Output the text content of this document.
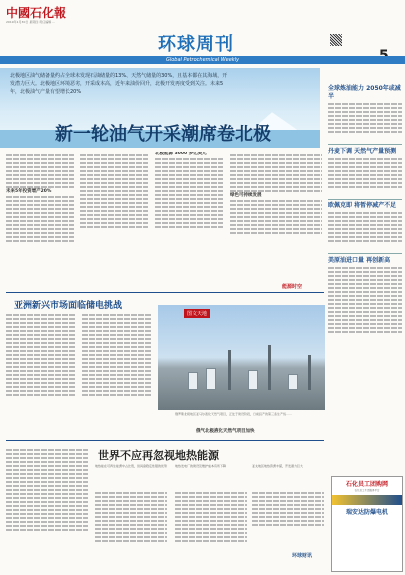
中國石化報
2019年1月30日 星期四 责任编辑 …
环球周刊
Global Petrochemical Weekly
北极地区油气储备量约占全球未发现石油储量的13%、天然气储量的30%，且基本都在其海域，开发潜力巨大。北极地区环境恶劣，开采成本高，近年来油价回升，北极开发再度受到关注。未来5年，北极油气产量有望增长20%
新一轮油气开采潮席卷北极
未来5年投资增产20%
北极能源 3000 多亿美元
绿色可持续发展
全球炼油能力 2050年或减半
丹麦下调 天然气产量预测
欧佩克即 将暂停减产不足
美原油进口量 再创新高
能源时空
亚洲新兴市场面临储电挑战
图文天地
俄罗斯北极地区亚马尔液化天然气项目，正处于建设阶段，日前投产的第三条生产线……
俄气北极液化天然气项目加快
世界不应再忽视地热能源
地热能在可再生能源中占比低，但具备稳定性强的优势	地热发电厂的建设及维护成本有所下降	亚太地区地热资源丰富，开发潜力巨大
石化员工团购网
石化员工生活服务平台
瑞安达防爆电机
环球财讯
